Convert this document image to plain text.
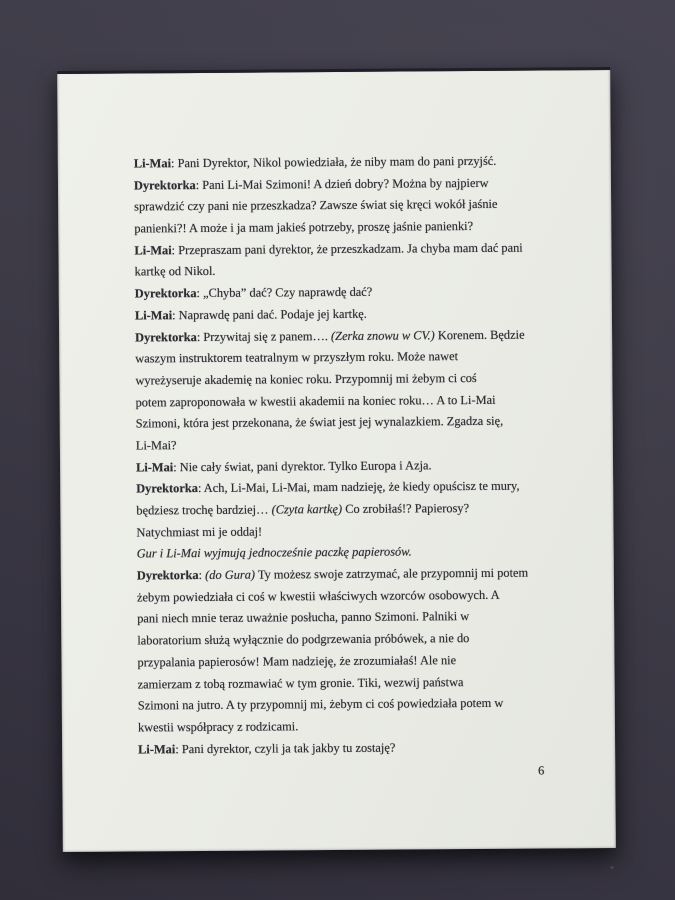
Li-Mai: Pani Dyrektor, Nikol powiedziała, że niby mam do pani przyjść.
Dyrektorka: Pani Li-Mai Szimoni! A dzień dobry? Można by najpierw
sprawdzić czy pani nie przeszkadza? Zawsze świat się kręci wokół jaśnie
panienki?! A może i ja mam jakieś potrzeby, proszę jaśnie panienki?
Li-Mai: Przepraszam pani dyrektor, że przeszkadzam. Ja chyba mam dać pani
kartkę od Nikol.
Dyrektorka: „Chyba” dać? Czy naprawdę dać?
Li-Mai: Naprawdę pani dać. Podaje jej kartkę.
Dyrektorka: Przywitaj się z panem…. (Zerka znowu w CV.) Korenem. Będzie
waszym instruktorem teatralnym w przyszłym roku. Może nawet
wyreżyseruje akademię na koniec roku. Przypomnij mi żebym ci coś
potem zaproponowała w kwestii akademii na koniec roku… A to Li-Mai
Szimoni, która jest przekonana, że świat jest jej wynalazkiem. Zgadza się,
Li-Mai?
Li-Mai: Nie cały świat, pani dyrektor. Tylko Europa i Azja.
Dyrektorka: Ach, Li-Mai, Li-Mai, mam nadzieję, że kiedy opuścisz te mury,
będziesz trochę bardziej… (Czyta kartkę) Co zrobiłaś!? Papierosy?
Natychmiast mi je oddaj!
Gur i Li-Mai wyjmują jednocześnie paczkę papierosów.
Dyrektorka: (do Gura) Ty możesz swoje zatrzymać, ale przypomnij mi potem
żebym powiedziała ci coś w kwestii właściwych wzorców osobowych. A
pani niech mnie teraz uważnie posłucha, panno Szimoni. Palniki w
laboratorium służą wyłącznie do podgrzewania próbówek, a nie do
przypalania papierosów! Mam nadzieję, że zrozumiałaś! Ale nie
zamierzam z tobą rozmawiać w tym gronie. Tiki, wezwij państwa
Szimoni na jutro. A ty przypomnij mi, żebym ci coś powiedziała potem w
kwestii współpracy z rodzicami.
Li-Mai: Pani dyrektor, czyli ja tak jakby tu zostaję?
6
